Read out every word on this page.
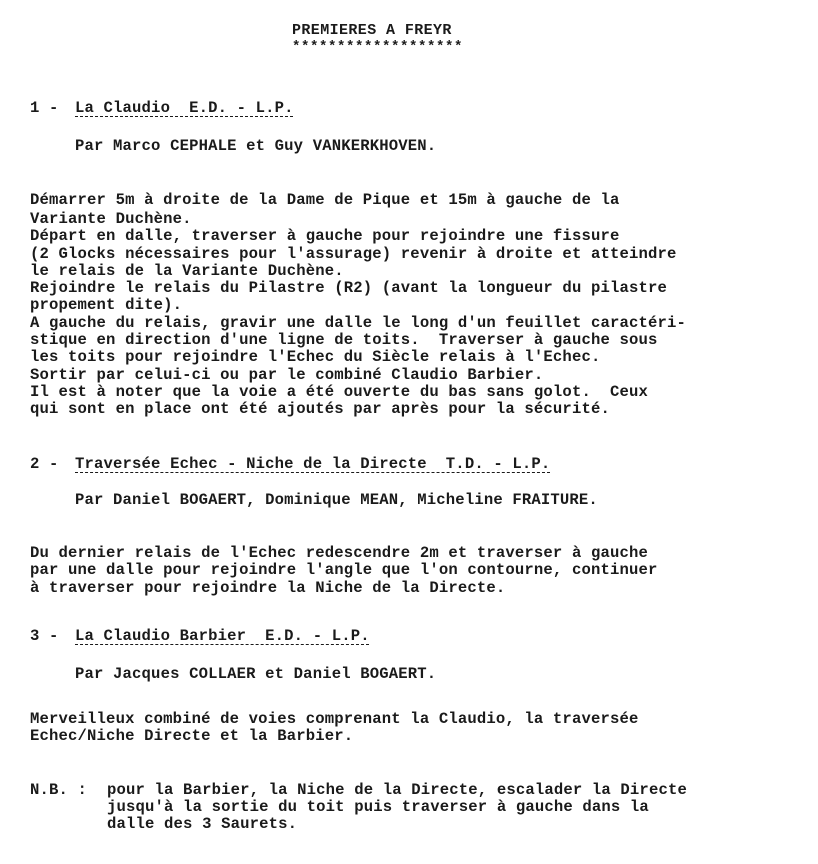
PREMIERES A FREYR
*******************
1 - La Claudio  E.D. - L.P.
Par Marco CEPHALE et Guy VANKERKHOVEN.
Démarrer 5m à droite de la Dame de Pique et 15m à gauche de la
Variante Duchène.
Départ en dalle, traverser à gauche pour rejoindre une fissure
(2 Glocks nécessaires pour l'assurage) revenir à droite et atteindre
le relais de la Variante Duchène.
Rejoindre le relais du Pilastre (R2) (avant la longueur du pilastre
propement dite).
A gauche du relais, gravir une dalle le long d'un feuillet caractéri-
stique en direction d'une ligne de toits.  Traverser à gauche sous
les toits pour rejoindre l'Echec du Siècle relais à l'Echec.
Sortir par celui-ci ou par le combiné Claudio Barbier.
Il est à noter que la voie a été ouverte du bas sans golot.  Ceux
qui sont en place ont été ajoutés par après pour la sécurité.
2 - Traversée Echec - Niche de la Directe  T.D. - L.P.
Par Daniel BOGAERT, Dominique MEAN, Micheline FRAITURE.
Du dernier relais de l'Echec redescendre 2m et traverser à gauche
par une dalle pour rejoindre l'angle que l'on contourne, continuer
à traverser pour rejoindre la Niche de la Directe.
3 - La Claudio Barbier  E.D. - L.P.
Par Jacques COLLAER et Daniel BOGAERT.
Merveilleux combiné de voies comprenant la Claudio, la traversée
Echec/Niche Directe et la Barbier.
N.B. : pour la Barbier, la Niche de la Directe, escalader la Directe
jusqu'à la sortie du toit puis traverser à gauche dans la
dalle des 3 Saurets.
